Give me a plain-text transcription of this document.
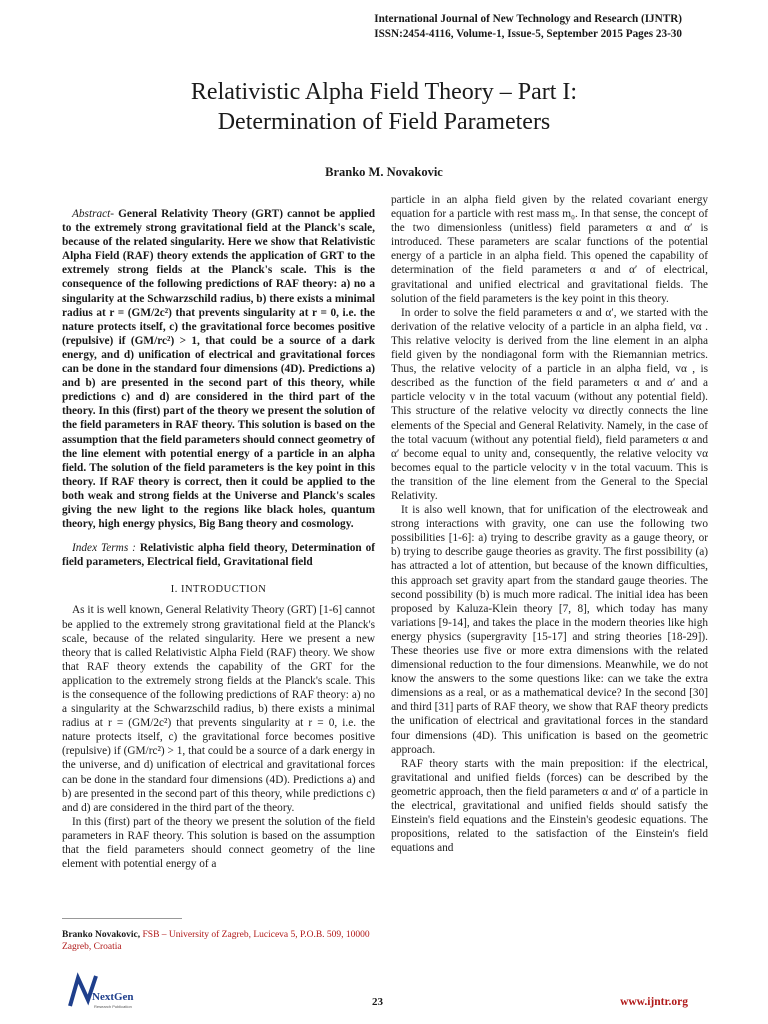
International Journal of New Technology and Research (IJNTR)
ISSN:2454-4116, Volume-1, Issue-5, September 2015 Pages 23-30
Relativistic Alpha Field Theory – Part I:
Determination of Field Parameters
Branko M. Novakovic

Abstract- General Relativity Theory (GRT) cannot be applied to the extremely strong gravitational field at the Planck's scale, because of the related singularity. Here we show that Relativistic Alpha Field (RAF) theory extends the application of GRT to the extremely strong fields at the Planck's scale. This is the consequence of the following predictions of RAF theory: a) no a singularity at the Schwarzschild radius, b) there exists a minimal radius at r = (GM/2c²) that prevents singularity at r = 0, i.e. the nature protects itself, c) the gravitational force becomes positive (repulsive) if (GM/rc²) > 1, that could be a source of a dark energy, and d) unification of electrical and gravitational forces can be done in the standard four dimensions (4D). Predictions a) and b) are presented in the second part of this theory, while predictions c) and d) are considered in the third part of the theory. In this (first) part of the theory we present the solution of the field parameters in RAF theory. This solution is based on the assumption that the field parameters should connect geometry of the line element with potential energy of a particle in an alpha field. The solution of the field parameters is the key point in this theory. If RAF theory is correct, then it could be applied to the both weak and strong fields at the Universe and Planck's scales giving the new light to the regions like black holes, quantum theory, high energy physics, Big Bang theory and cosmology.

Index Terms : Relativistic alpha field theory, Determination of field parameters, Electrical field, Gravitational field

I. INTRODUCTION

As it is well known, General Relativity Theory (GRT) [1-6] cannot be applied to the extremely strong gravitational field at the Planck's scale, because of the related singularity. Here we present a new theory that is called Relativistic Alpha Field (RAF) theory. We show that RAF theory extends the capability of the GRT for the application to the extremely strong fields at the Planck's scale. This is the consequence of the following predictions of RAF theory: a) no a singularity at the Schwarzschild radius, b) there exists a minimal radius at r = (GM/2c²) that prevents singularity at r = 0, i.e. the nature protects itself, c) the gravitational force becomes positive (repulsive) if (GM/rc²) > 1, that could be a source of a dark energy in the universe, and d) unification of electrical and gravitational forces can be done in the standard four dimensions (4D). Predictions a) and b) are presented in the second part of this theory, while predictions c) and d) are considered in the third part of the theory.

In this (first) part of the theory we present the solution of the field parameters in RAF theory. This solution is based on the assumption that the field parameters should connect geometry of the line element with potential energy of a

particle in an alpha field given by the related covariant energy equation for a particle with rest mass m₀. In that sense, the concept of the two dimensionless (unitless) field parameters α and α′ is introduced. These parameters are scalar functions of the potential energy of a particle in an alpha field. This opened the capability of determination of the field parameters α and α′ of electrical, gravitational and unified electrical and gravitational fields. The solution of the field parameters is the key point in this theory.

In order to solve the field parameters α and α′, we started with the derivation of the relative velocity of a particle in an alpha field, vα . This relative velocity is derived from the line element in an alpha field given by the nondiagonal form with the Riemannian metrics. Thus, the relative velocity of a particle in an alpha field, vα , is described as the function of the field parameters α and α′ and a particle velocity v in the total vacuum (without any potential field). This structure of the relative velocity vα directly connects the line elements of the Special and General Relativity. Namely, in the case of the total vacuum (without any potential field), field parameters α and α′ become equal to unity and, consequently, the relative velocity vα becomes equal to the particle velocity v in the total vacuum. This is the transition of the line element from the General to the Special Relativity.

It is also well known, that for unification of the electroweak and strong interactions with gravity, one can use the following two possibilities [1-6]: a) trying to describe gravity as a gauge theory, or b) trying to describe gauge theories as gravity. The first possibility (a) has attracted a lot of attention, but because of the known difficulties, this approach set gravity apart from the standard gauge theories. The second possibility (b) is much more radical. The initial idea has been proposed by Kaluza-Klein theory [7, 8], which today has many variations [9-14], and takes the place in the modern theories like high energy physics (supergravity [15-17] and string theories [18-29]). These theories use five or more extra dimensions with the related dimensional reduction to the four dimensions. Meanwhile, we do not know the answers to the some questions like: can we take the extra dimensions as a real, or as a mathematical device? In the second [30] and third [31] parts of RAF theory, we show that RAF theory predicts the unification of electrical and gravitational forces in the standard four dimensions (4D). This unification is based on the geometric approach.

RAF theory starts with the main preposition: if the electrical, gravitational and unified fields (forces) can be described by the geometric approach, then the field parameters α and α′ of a particle in the electrical, gravitational and unified fields should satisfy the Einstein's field equations and the Einstein's geodesic equations. The propositions, related to the satisfaction of the Einstein's field equations and

Branko Novakovic, FSB – University of Zagreb, Luciceva 5, P.O.B. 509, 10000 Zagreb, Croatia
NextGen
Research Publication	23	www.ijntr.org
